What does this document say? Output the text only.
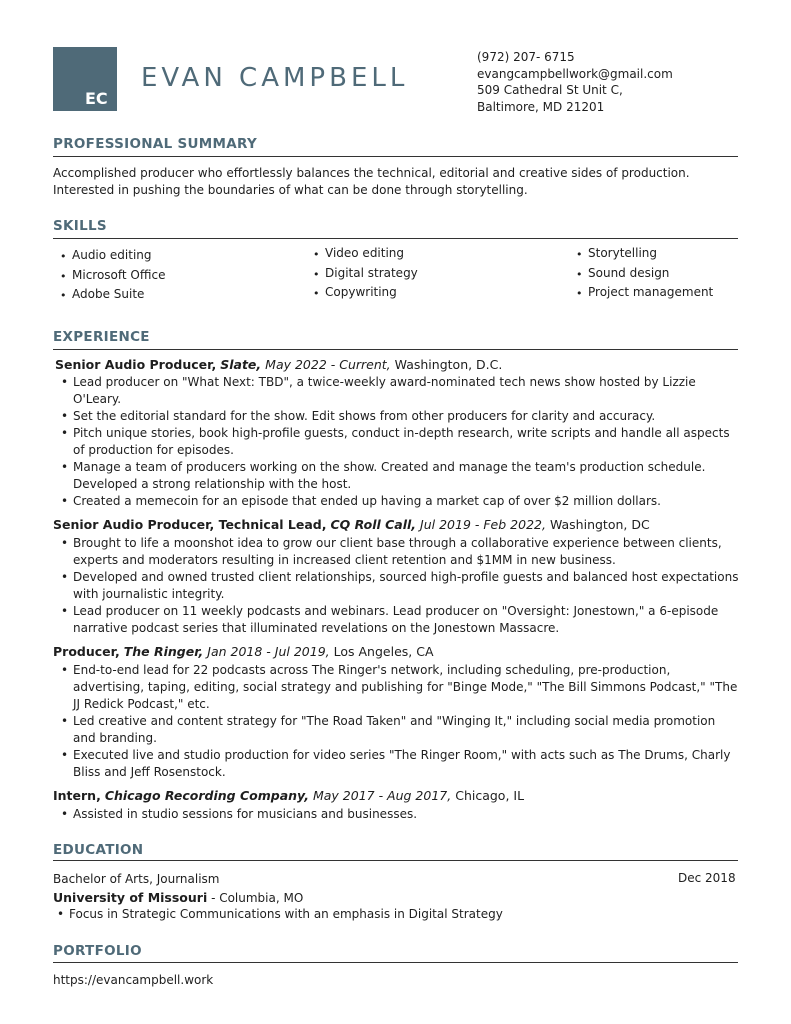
EC
EVAN CAMPBELL
(972) 207- 6715
evangcampbellwork@gmail.com
509 Cathedral St Unit C,
Baltimore, MD 21201
PROFESSIONAL SUMMARY
Accomplished producer who effortlessly balances the technical, editorial and creative sides of production.
Interested in pushing the boundaries of what can be done through storytelling.
SKILLS
• Audio editing
• Microsoft Office
• Adobe Suite
• Video editing
• Digital strategy
• Copywriting
• Storytelling
• Sound design
• Project management
EXPERIENCE
Senior Audio Producer, Slate, May 2022 - Current, Washington, D.C.
• Lead producer on "What Next: TBD", a twice-weekly award-nominated tech news show hosted by Lizzie O'Leary.
• Set the editorial standard for the show. Edit shows from other producers for clarity and accuracy.
• Pitch unique stories, book high-profile guests, conduct in-depth research, write scripts and handle all aspects of production for episodes.
• Manage a team of producers working on the show. Created and manage the team's production schedule. Developed a strong relationship with the host.
• Created a memecoin for an episode that ended up having a market cap of over $2 million dollars.
Senior Audio Producer, Technical Lead, CQ Roll Call, Jul 2019 - Feb 2022, Washington, DC
• Brought to life a moonshot idea to grow our client base through a collaborative experience between clients, experts and moderators resulting in increased client retention and $1MM in new business.
• Developed and owned trusted client relationships, sourced high-profile guests and balanced host expectations with journalistic integrity.
• Lead producer on 11 weekly podcasts and webinars. Lead producer on "Oversight: Jonestown," a 6-episode narrative podcast series that illuminated revelations on the Jonestown Massacre.
Producer, The Ringer, Jan 2018 - Jul 2019, Los Angeles, CA
• End-to-end lead for 22 podcasts across The Ringer's network, including scheduling, pre-production, advertising, taping, editing, social strategy and publishing for "Binge Mode," "The Bill Simmons Podcast," "The JJ Redick Podcast," etc.
• Led creative and content strategy for "The Road Taken" and "Winging It," including social media promotion and branding.
• Executed live and studio production for video series "The Ringer Room," with acts such as The Drums, Charly Bliss and Jeff Rosenstock.
Intern, Chicago Recording Company, May 2017 - Aug 2017, Chicago, IL
• Assisted in studio sessions for musicians and businesses.
EDUCATION
Bachelor of Arts, Journalism	Dec 2018
University of Missouri - Columbia, MO
• Focus in Strategic Communications with an emphasis in Digital Strategy
PORTFOLIO
https://evancampbell.work
